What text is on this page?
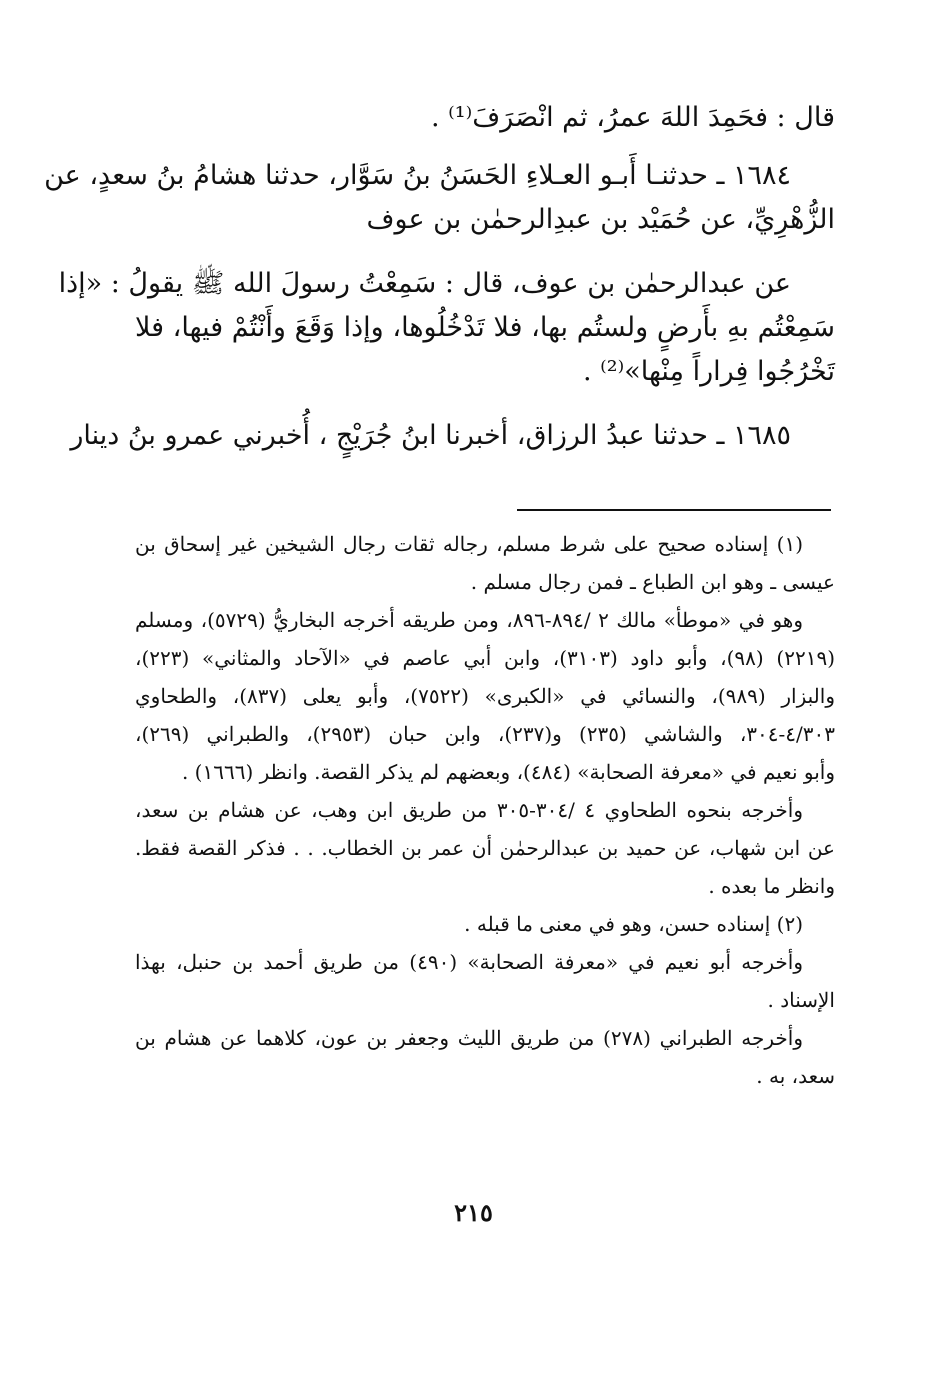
قال : فحَمِدَ اللهَ عمرُ، ثم انْصَرَفَ⁽¹⁾ .
١٦٨٤ ـ حدثنـا أَبـو العـلاءِ الحَسَنُ بنُ سَوَّار، حدثنا هشامُ بنُ سعدٍ، عن
الزُّهْرِيِّ، عن حُمَيْد بن عبدِالرحمٰن بن عوف
عن عبدالرحمٰن بن عوف، قال : سَمِعْتُ رسولَ الله ﷺ يقولُ : «إذا
سَمِعْتُم بهِ بأَرضٍ ولستُم بها، فلا تَدْخُلُوها، وإذا وَقَعَ وأَنْتُمْ فيها، فلا
تَخْرُجُوا فِراراً مِنْها»⁽²⁾ .
١٦٨٥ ـ حدثنا عبدُ الرزاق، أخبرنا ابنُ جُرَيْجٍ ، أُخبرني عمرو بنُ دينار
(١) إسناده صحيح على شرط مسلم، رجاله ثقات رجال الشيخين غير إسحاق بن
عيسى ـ وهو ابن الطباع ـ فمن رجال مسلم .
وهو في «موطأ» مالك ٢ /٨٩٤-٨٩٦، ومن طريقه أخرجه البخاريُّ (٥٧٢٩)، ومسلم
(٢٢١٩) (٩٨)، وأبو داود (٣١٠٣)، وابن أبي عاصم في «الآحاد والمثاني» (٢٢٣)،
والبزار (٩٨٩)، والنسائي في «الكبرى» (٧٥٢٢)، وأبو يعلى (٨٣٧)، والطحاوي
٤/٣٠٣-٣٠٤، والشاشي (٢٣٥) و(٢٣٧)، وابن حبان (٢٩٥٣)، والطبراني (٢٦٩)،
وأبو نعيم في «معرفة الصحابة» (٤٨٤)، وبعضهم لم يذكر القصة. وانظر (١٦٦٦) .
وأخرجه بنحوه الطحاوي ٤ /٣٠٤-٣٠٥ من طريق ابن وهب، عن هشام بن سعد،
عن ابن شهاب، عن حميد بن عبدالرحمٰن أن عمر بن الخطاب. . . فذكر القصة فقط.
وانظر ما بعده .
(٢) إسناده حسن، وهو في معنى ما قبله .
وأخرجه أبو نعيم في «معرفة الصحابة» (٤٩٠) من طريق أحمد بن حنبل، بهذا
الإسناد .
وأخرجه الطبراني (٢٧٨) من طريق الليث وجعفر بن عون، كلاهما عن هشام بن
سعد، به .
٢١٥
